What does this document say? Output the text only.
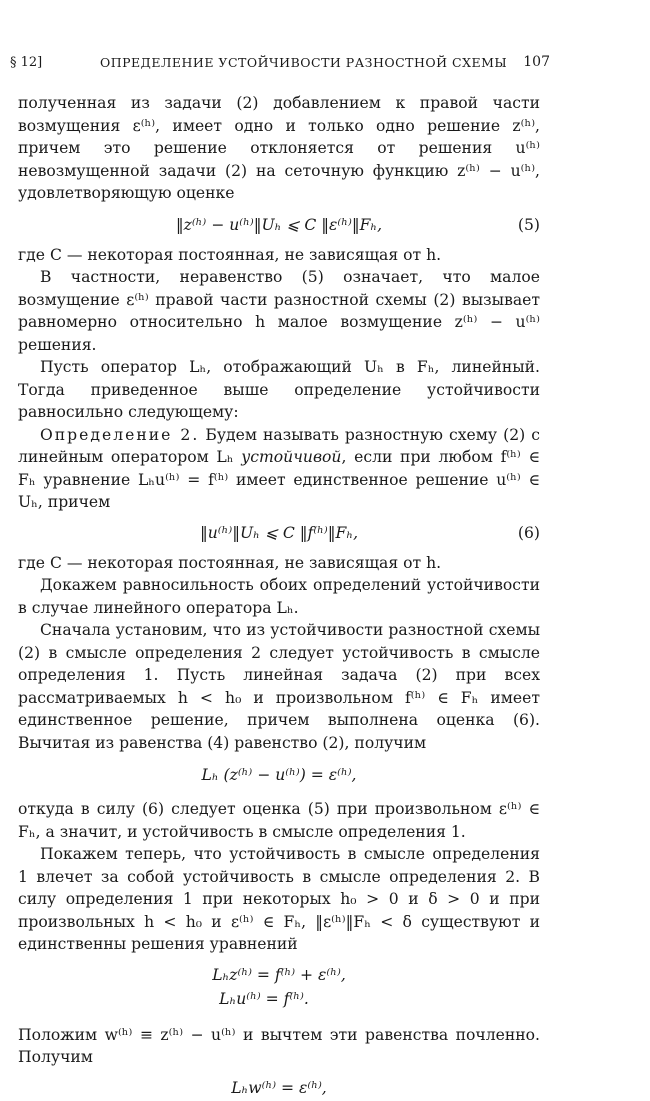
§ 12]	ОПРЕДЕЛЕНИЕ УСТОЙЧИВОСТИ РАЗНОСТНОЙ СХЕМЫ 107

полученная из задачи (2) добавлением к правой части возмущения ε⁽ʰ⁾, имеет одно и только одно решение z⁽ʰ⁾, причем это решение отклоняется от решения u⁽ʰ⁾ невозмущенной задачи (2) на сеточную функцию z⁽ʰ⁾ − u⁽ʰ⁾, удовлетворяющую оценке

‖z⁽ʰ⁾ − u⁽ʰ⁾‖Uₕ ⩽ C ‖ε⁽ʰ⁾‖Fₕ,	(5)

где C — некоторая постоянная, не зависящая от h.

В частности, неравенство (5) означает, что малое возмущение ε⁽ʰ⁾ правой части разностной схемы (2) вызывает равномерно относительно h малое возмущение z⁽ʰ⁾ − u⁽ʰ⁾ решения.

Пусть оператор Lₕ, отображающий Uₕ в Fₕ, линейный. Тогда приведенное выше определение устойчивости равносильно следующему:

Определение 2. Будем называть разностную схему (2) с линейным оператором Lₕ устойчивой, если при любом f⁽ʰ⁾ ∈ Fₕ уравнение Lₕu⁽ʰ⁾ = f⁽ʰ⁾ имеет единственное решение u⁽ʰ⁾ ∈ Uₕ, причем

‖u⁽ʰ⁾‖Uₕ ⩽ C ‖f⁽ʰ⁾‖Fₕ,	(6)

где C — некоторая постоянная, не зависящая от h.

Докажем равносильность обоих определений устойчивости в случае линейного оператора Lₕ.

Сначала установим, что из устойчивости разностной схемы (2) в смысле определения 2 следует устойчивость в смысле определения 1. Пусть линейная задача (2) при всех рассматриваемых h < h₀ и произвольном f⁽ʰ⁾ ∈ Fₕ имеет единственное решение, причем выполнена оценка (6). Вычитая из равенства (4) равенство (2), получим

Lₕ (z⁽ʰ⁾ − u⁽ʰ⁾) = ε⁽ʰ⁾,

откуда в силу (6) следует оценка (5) при произвольном ε⁽ʰ⁾ ∈ Fₕ, а значит, и устойчивость в смысле определения 1.

Покажем теперь, что устойчивость в смысле определения 1 влечет за собой устойчивость в смысле определения 2. В силу определения 1 при некоторых h₀ > 0 и δ > 0 и при произвольных h < h₀ и ε⁽ʰ⁾ ∈ Fₕ, ‖ε⁽ʰ⁾‖Fₕ < δ существуют и единственны решения уравнений

Lₕz⁽ʰ⁾ = f⁽ʰ⁾ + ε⁽ʰ⁾,
Lₕu⁽ʰ⁾ = f⁽ʰ⁾.

Положим w⁽ʰ⁾ ≡ z⁽ʰ⁾ − u⁽ʰ⁾ и вычтем эти равенства почленно. Получим

Lₕw⁽ʰ⁾ = ε⁽ʰ⁾,
